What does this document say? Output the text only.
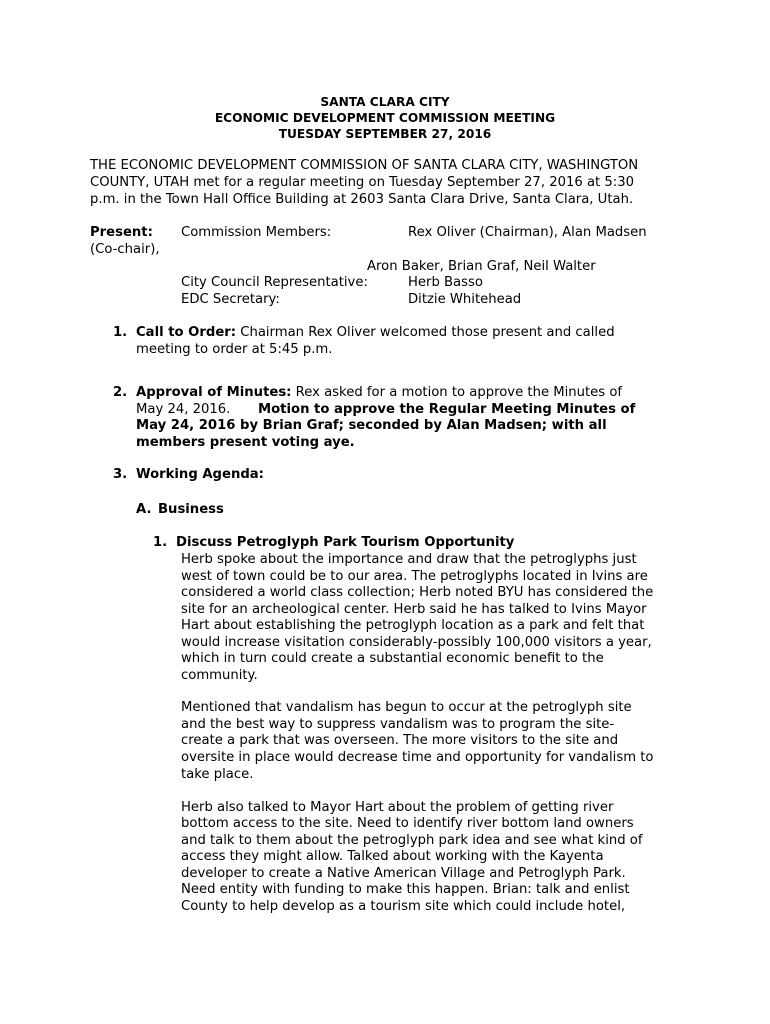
SANTA CLARA CITY
ECONOMIC DEVELOPMENT COMMISSION MEETING
TUESDAY SEPTEMBER 27, 2016
THE ECONOMIC DEVELOPMENT COMMISSION OF SANTA CLARA CITY, WASHINGTON
COUNTY, UTAH met for a regular meeting on Tuesday September 27, 2016 at 5:30
p.m. in the Town Hall Office Building at 2603 Santa Clara Drive, Santa Clara, Utah.
Present: Commission Members:	Rex Oliver (Chairman), Alan Madsen
(Co-chair),
Aron Baker, Brian Graf, Neil Walter
City Council Representative:	Herb Basso
EDC Secretary:	Ditzie Whitehead
1. Call to Order: Chairman Rex Oliver welcomed those present and called
meeting to order at 5:45 p.m.
2. Approval of Minutes: Rex asked for a motion to approve the Minutes of
May 24, 2016. Motion to approve the Regular Meeting Minutes of
May 24, 2016 by Brian Graf; seconded by Alan Madsen; with all
members present voting aye.
3. Working Agenda:
A. Business
1. Discuss Petroglyph Park Tourism Opportunity
Herb spoke about the importance and draw that the petroglyphs just
west of town could be to our area. The petroglyphs located in Ivins are
considered a world class collection; Herb noted BYU has considered the
site for an archeological center. Herb said he has talked to Ivins Mayor
Hart about establishing the petroglyph location as a park and felt that
would increase visitation considerably-possibly 100,000 visitors a year,
which in turn could create a substantial economic benefit to the
community.
Mentioned that vandalism has begun to occur at the petroglyph site
and the best way to suppress vandalism was to program the site-
create a park that was overseen. The more visitors to the site and
oversite in place would decrease time and opportunity for vandalism to
take place.
Herb also talked to Mayor Hart about the problem of getting river
bottom access to the site. Need to identify river bottom land owners
and talk to them about the petroglyph park idea and see what kind of
access they might allow. Talked about working with the Kayenta
developer to create a Native American Village and Petroglyph Park.
Need entity with funding to make this happen. Brian: talk and enlist
County to help develop as a tourism site which could include hotel,
